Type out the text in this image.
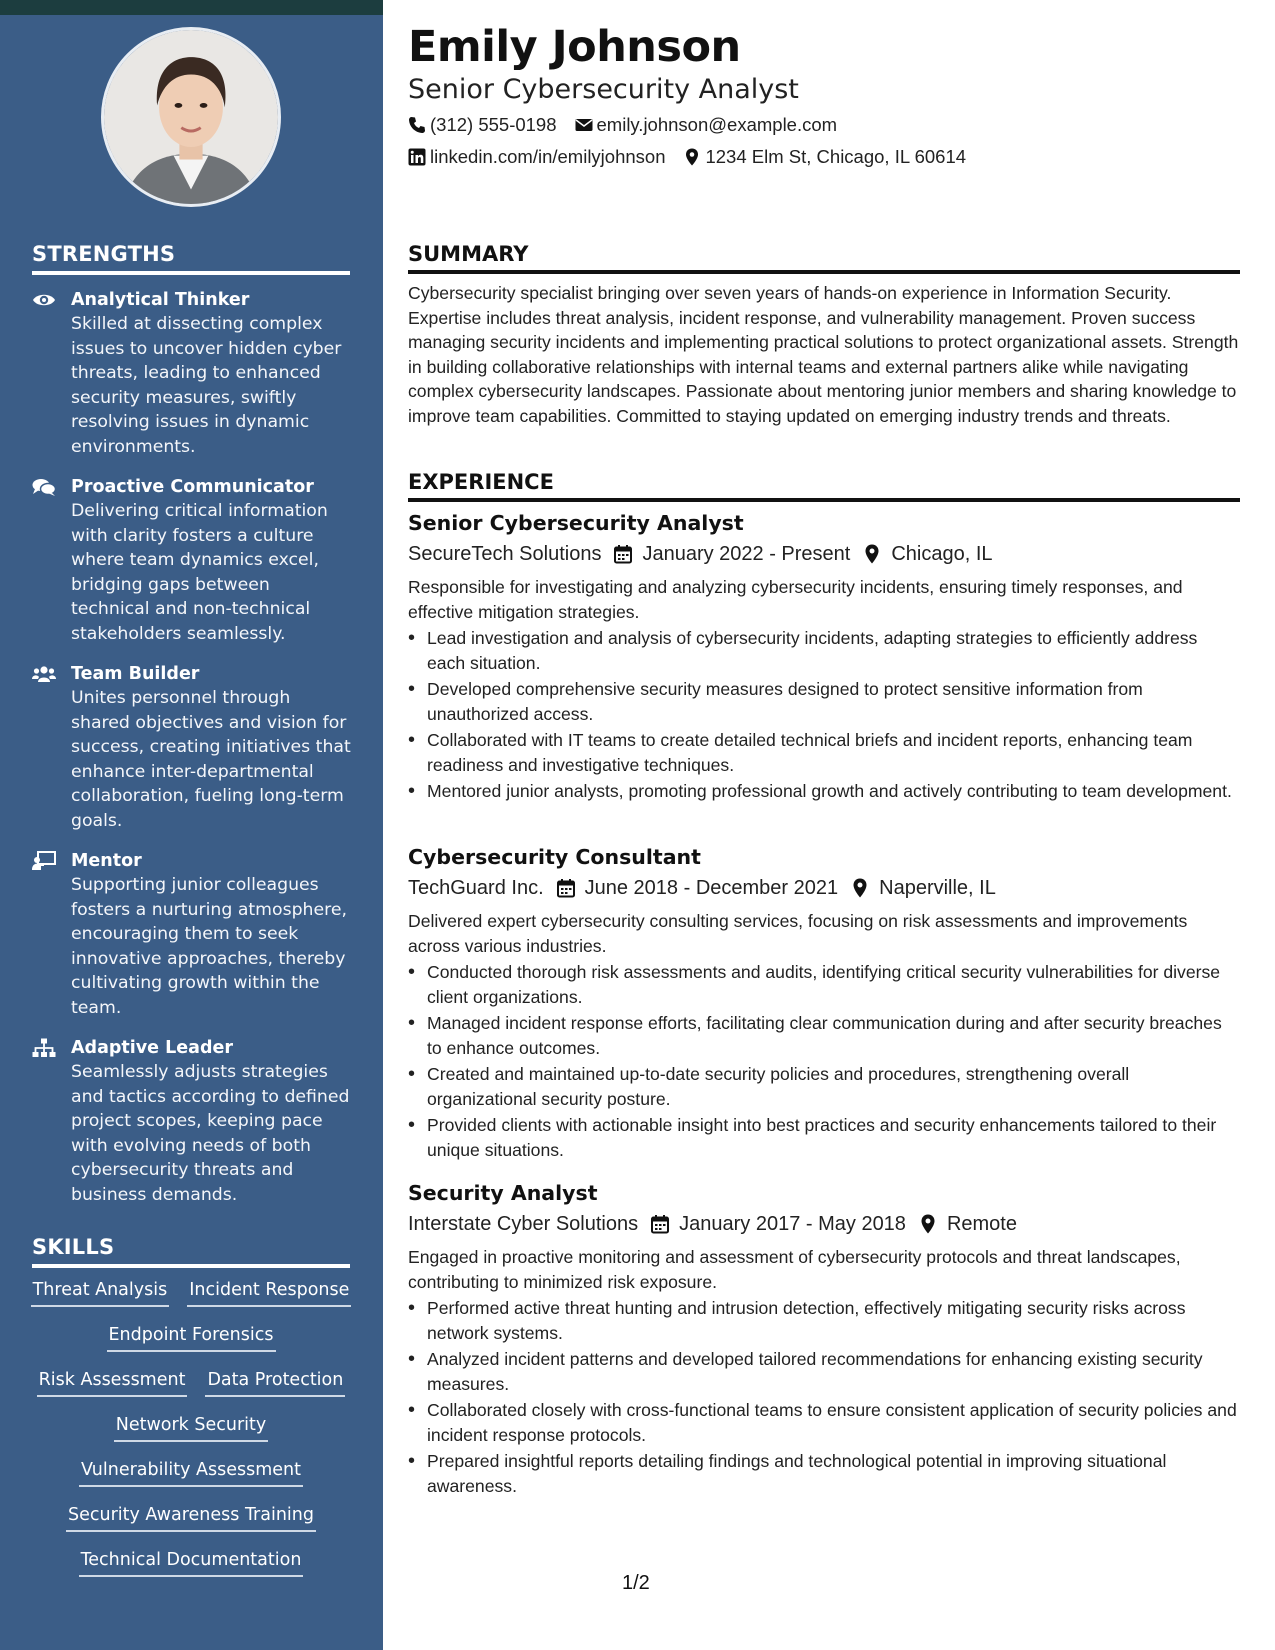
STRENGTHS
Analytical Thinker
Skilled at dissecting complex issues to uncover hidden cyber threats, leading to enhanced security measures, swiftly resolving issues in dynamic environments.
Proactive Communicator
Delivering critical information with clarity fosters a culture where team dynamics excel, bridging gaps between technical and non-technical stakeholders seamlessly.
Team Builder
Unites personnel through shared objectives and vision for success, creating initiatives that enhance inter-departmental collaboration, fueling long-term goals.
Mentor
Supporting junior colleagues fosters a nurturing atmosphere, encouraging them to seek innovative approaches, thereby cultivating growth within the team.
Adaptive Leader
Seamlessly adjusts strategies and tactics according to defined project scopes, keeping pace with evolving needs of both cybersecurity threats and business demands.
SKILLS
Threat Analysis Incident Response
Endpoint Forensics
Risk Assessment Data Protection
Network Security
Vulnerability Assessment
Security Awareness Training
Technical Documentation
Emily Johnson
Senior Cybersecurity Analyst
(312) 555-0198 emily.johnson@example.com
linkedin.com/in/emilyjohnson 1234 Elm St, Chicago, IL 60614
SUMMARY
Cybersecurity specialist bringing over seven years of hands-on experience in Information Security. Expertise includes threat analysis, incident response, and vulnerability management. Proven success managing security incidents and implementing practical solutions to protect organizational assets. Strength in building collaborative relationships with internal teams and external partners alike while navigating complex cybersecurity landscapes. Passionate about mentoring junior members and sharing knowledge to improve team capabilities. Committed to staying updated on emerging industry trends and threats.
EXPERIENCE
Senior Cybersecurity Analyst
SecureTech Solutions January 2022 - Present Chicago, IL
Responsible for investigating and analyzing cybersecurity incidents, ensuring timely responses, and effective mitigation strategies.
• Lead investigation and analysis of cybersecurity incidents, adapting strategies to efficiently address each situation.
• Developed comprehensive security measures designed to protect sensitive information from unauthorized access.
• Collaborated with IT teams to create detailed technical briefs and incident reports, enhancing team readiness and investigative techniques.
• Mentored junior analysts, promoting professional growth and actively contributing to team development.
Cybersecurity Consultant
TechGuard Inc. June 2018 - December 2021 Naperville, IL
Delivered expert cybersecurity consulting services, focusing on risk assessments and improvements across various industries.
• Conducted thorough risk assessments and audits, identifying critical security vulnerabilities for diverse client organizations.
• Managed incident response efforts, facilitating clear communication during and after security breaches to enhance outcomes.
• Created and maintained up-to-date security policies and procedures, strengthening overall organizational security posture.
• Provided clients with actionable insight into best practices and security enhancements tailored to their unique situations.
Security Analyst
Interstate Cyber Solutions January 2017 - May 2018 Remote
Engaged in proactive monitoring and assessment of cybersecurity protocols and threat landscapes, contributing to minimized risk exposure.
• Performed active threat hunting and intrusion detection, effectively mitigating security risks across network systems.
• Analyzed incident patterns and developed tailored recommendations for enhancing existing security measures.
• Collaborated closely with cross-functional teams to ensure consistent application of security policies and incident response protocols.
• Prepared insightful reports detailing findings and technological potential in improving situational awareness.
1/2
